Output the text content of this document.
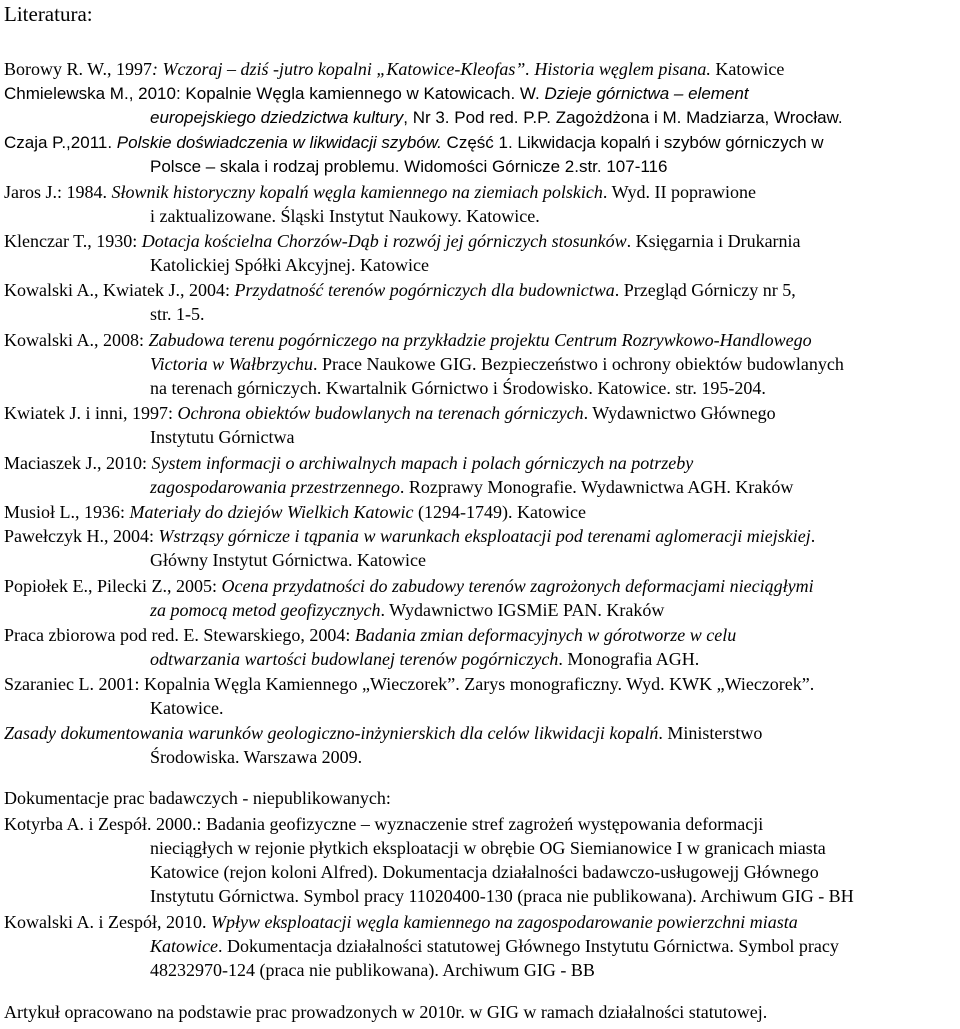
Literatura:
Borowy R. W., 1997: Wczoraj – dziś -jutro kopalni „Katowice-Kleofas”. Historia węglem pisana. Katowice
Chmielewska M., 2010: Kopalnie Węgla kamiennego w Katowicach. W. Dzieje górnictwa – element
europejskiego dziedzictwa kultury, Nr 3. Pod red. P.P. Zagożdżona i M. Madziarza, Wrocław.
Czaja P.,2011. Polskie doświadczenia w likwidacji szybów. Część 1. Likwidacja kopalń i szybów górniczych w
Polsce – skala i rodzaj problemu. Widomości Górnicze 2.str. 107-116
Jaros J.: 1984. Słownik historyczny kopalń węgla kamiennego na ziemiach polskich. Wyd. II poprawione
i zaktualizowane. Śląski Instytut Naukowy. Katowice.
Klenczar T., 1930: Dotacja kościelna Chorzów-Dąb i rozwój jej górniczych stosunków. Księgarnia i Drukarnia
Katolickiej Spółki Akcyjnej. Katowice
Kowalski A., Kwiatek J., 2004: Przydatność terenów pogórniczych dla budownictwa. Przegląd Górniczy nr 5,
str. 1-5.
Kowalski A., 2008: Zabudowa terenu pogórniczego na przykładzie projektu Centrum Rozrywkowo-Handlowego
Victoria w Wałbrzychu. Prace Naukowe GIG. Bezpieczeństwo i ochrony obiektów budowlanych
na terenach górniczych. Kwartalnik Górnictwo i Środowisko. Katowice. str. 195-204.
Kwiatek J. i inni, 1997: Ochrona obiektów budowlanych na terenach górniczych. Wydawnictwo Głównego
Instytutu Górnictwa
Maciaszek J., 2010: System informacji o archiwalnych mapach i polach górniczych na potrzeby
zagospodarowania przestrzennego. Rozprawy Monografie. Wydawnictwa AGH. Kraków
Musioł L., 1936: Materiały do dziejów Wielkich Katowic (1294-1749). Katowice
Pawełczyk H., 2004: Wstrząsy górnicze i tąpania w warunkach eksploatacji pod terenami aglomeracji miejskiej.
Główny Instytut Górnictwa. Katowice
Popiołek E., Pilecki Z., 2005: Ocena przydatności do zabudowy terenów zagrożonych deformacjami nieciągłymi
za pomocą metod geofizycznych. Wydawnictwo IGSMiE PAN. Kraków
Praca zbiorowa pod red. E. Stewarskiego, 2004: Badania zmian deformacyjnych w górotworze w celu
odtwarzania wartości budowlanej terenów pogórniczych. Monografia AGH.
Szaraniec L. 2001: Kopalnia Węgla Kamiennego „Wieczorek”. Zarys monograficzny. Wyd. KWK „Wieczorek”.
Katowice.
Zasady dokumentowania warunków geologiczno-inżynierskich dla celów likwidacji kopalń. Ministerstwo
Środowiska. Warszawa 2009.
Dokumentacje prac badawczych - niepublikowanych:
Kotyrba A. i Zespół. 2000.: Badania geofizyczne – wyznaczenie stref zagrożeń występowania deformacji
nieciągłych w rejonie płytkich eksploatacji w obrębie OG Siemianowice I w granicach miasta
Katowice (rejon koloni Alfred). Dokumentacja działalności badawczo-usługowejj Głównego
Instytutu Górnictwa. Symbol pracy 11020400-130 (praca nie publikowana). Archiwum GIG - BH
Kowalski A. i Zespół, 2010. Wpływ eksploatacji węgla kamiennego na zagospodarowanie powierzchni miasta
Katowice. Dokumentacja działalności statutowej Głównego Instytutu Górnictwa. Symbol pracy
48232970-124 (praca nie publikowana). Archiwum GIG - BB
Artykuł opracowano na podstawie prac prowadzonych w 2010r. w GIG w ramach działalności statutowej.
